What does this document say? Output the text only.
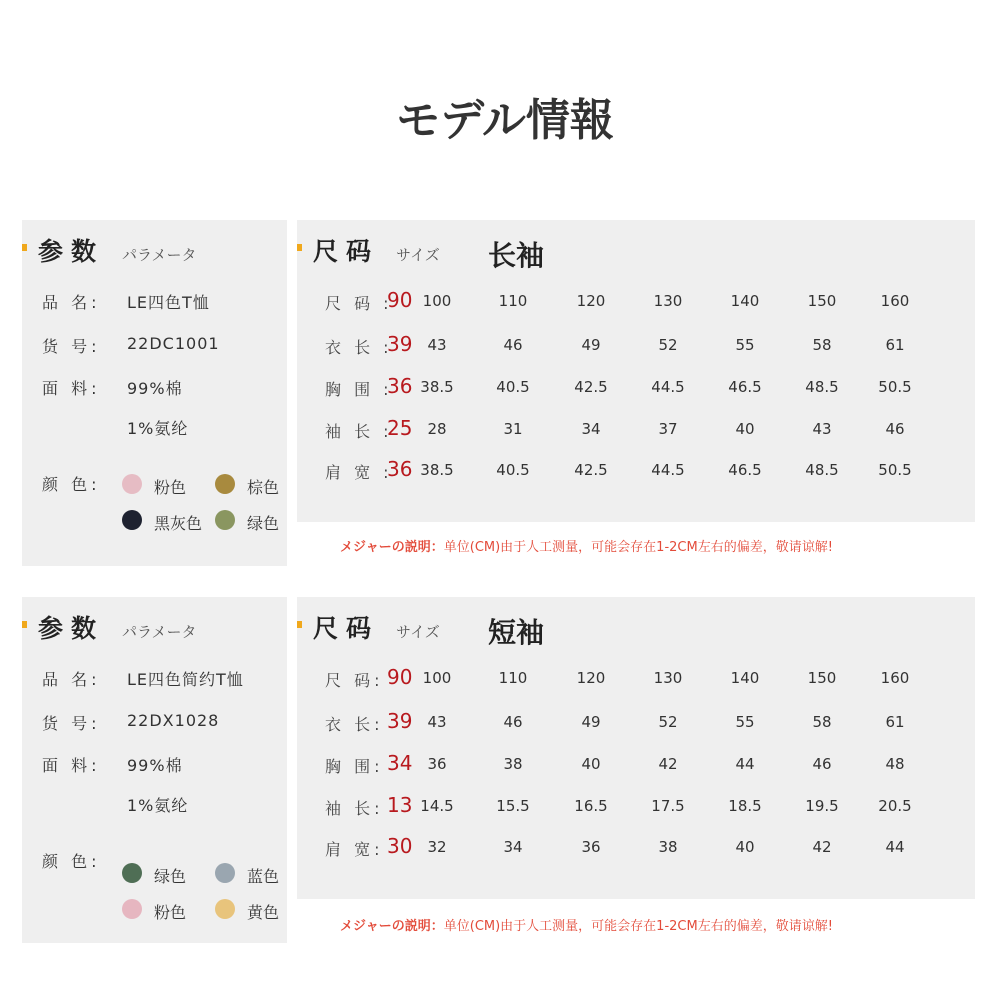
モデル情報
参数 パラメータ	尺码 サイズ 长袖
品 名: LE四色T恤
货 号: 22DC1001
面 料: 99%棉
1%氨纶
颜 色:	粉色	棕色
黑灰色	绿色
尺 码 :
90 100	110	120	130	140	150	160
衣 长 :
39	43	46	49	52	55	58	61
胸 围 :
36 38.5	40.5	42.5	44.5	46.5	48.5	50.5
袖 长 :
25	28	31	34	37	40	43	46
肩 宽 :
36 38.5	40.5	42.5	44.5	46.5	48.5	50.5
メジャーの説明：单位(CM)由于人工测量，可能会存在1-2CM左右的偏差，敬请谅解!
参数 パラメータ	尺码 サイズ 短袖
品 名: LE四色简约T恤
货 号: 22DX1028
面 料: 99%棉
1%氨纶
颜 色:
绿色	蓝色
粉色	黄色
尺 码: 90 100	110	120	130	140	150	160
衣 长: 39	43	46	49	52	55	58	61
胸 围: 34	36	38	40	42	44	46	48
袖 长: 13 14.5	15.5	16.5	17.5	18.5	19.5	20.5
肩 宽: 30	32	34	36	38	40	42	44
メジャーの説明：单位(CM)由于人工测量，可能会存在1-2CM左右的偏差，敬请谅解!
